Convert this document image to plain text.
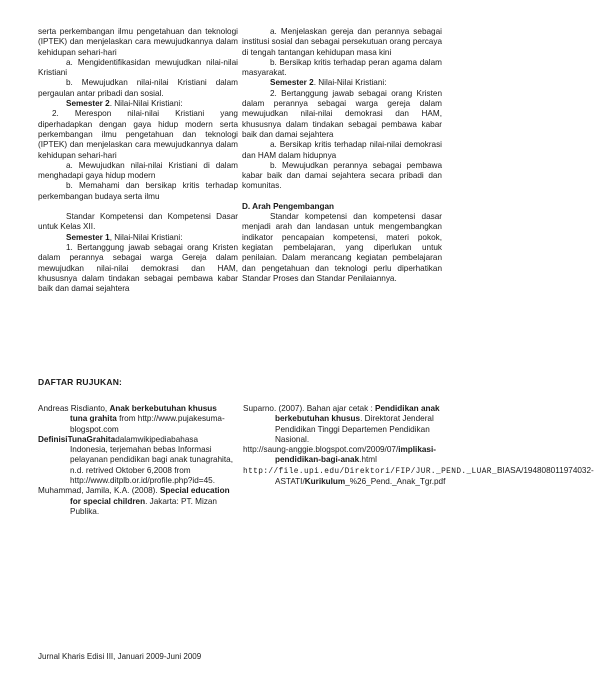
serta perkembangan ilmu pengetahuan dan teknologi (IPTEK) dan menjelaskan cara mewujudkannya dalam kehidupan sehari-hari

a. Mengidentifikasidan mewujudkan nilai-nilai Kristiani

b. Mewujudkan nilai-nilai Kristiani dalam pergaulan antar pribadi dan sosial.

Semester 2. Nilai-Nilai Kristiani:

2. Merespon nilai-nilai Kristiani yang diperhadapkan dengan gaya hidup modern serta perkembangan ilmu pengetahuan dan teknologi (IPTEK) dan menjelaskan cara mewujudkannya dalam kehidupan sehari-hari

a. Mewujudkan nilai-nilai Kristiani di dalam menghadapi gaya hidup modern

b. Memahami dan bersikap kritis terhadap perkembangan budaya serta ilmu

Standar Kompetensi dan Kompetensi Dasar untuk Kelas XII.

Semester 1, Nilai-Nilai Kristiani:

1. Bertanggung jawab sebagai orang Kristen dalam perannya sebagai warga Gereja dalam mewujudkan nilai-nilai demokrasi dan HAM, khususnya dalam tindakan sebagai pembawa kabar baik dan damai sejahtera

a. Menjelaskan gereja dan perannya sebagai institusi sosial dan sebagai persekutuan orang percaya di tengah tantangan kehidupan masa kini

b. Bersikap kritis terhadap peran agama dalam masyarakat.

Semester 2. Nilai-Nilai Kristiani:

2. Bertanggung jawab sebagai orang Kristen dalam perannya sebagai warga gereja dalam mewujudkan nilai-nilai demokrasi dan HAM, khususnya dalam tindakan sebagai pembawa kabar baik dan damai sejahtera

a. Bersikap kritis terhadap nilai-nilai demokrasi dan HAM dalam hidupnya

b. Mewujudkan perannya sebagai pembawa kabar baik dan damai sejahtera secara pribadi dan komunitas.

D. Arah Pengembangan

Standar kompetensi dan kompetensi dasar menjadi arah dan landasan untuk mengembangkan indikator pencapaian kompetensi, materi pokok, kegiatan pembelajaran, yang diperlukan untuk penilaian. Dalam merancang kegiatan pembelajaran dan pengetahuan dan teknologi perlu diperhatikan Standar Proses dan Standar Penilaiannya.

DAFTAR RUJUKAN:

Andreas Risdianto, Anak berkebutuhan khusus tuna grahita from http://www.pujakesuma-blogspot.com

DefinisiTunaGrahitadalamwikipediabahasa Indonesia, terjemahan bebas Informasi pelayanan pendidikan bagi anak tunagrahita, n.d. retrived Oktober 6,2008 from http://www.ditplb.or.id/profile.php?id=45.

Muhammad, Jamila, K.A. (2008). Special education for special children. Jakarta: PT. Mizan Publika.

Suparno. (2007). Bahan ajar cetak : Pendidikan anak berkebutuhan khusus. Direktorat Jenderal Pendidikan Tinggi Departemen Pendidikan Nasional.

http://saung-anggie.blogspot.com/2009/07/implikasi-pendidikan-bagi-anak.html

http://file.upi.edu/Direktori/FIP/JUR._PEND._LUAR_BIASA/194808011974032-ASTATI/Kurikulum_%26_Pend._Anak_Tgr.pdf

Jurnal Kharis Edisi III, Januari 2009-Juni 2009
